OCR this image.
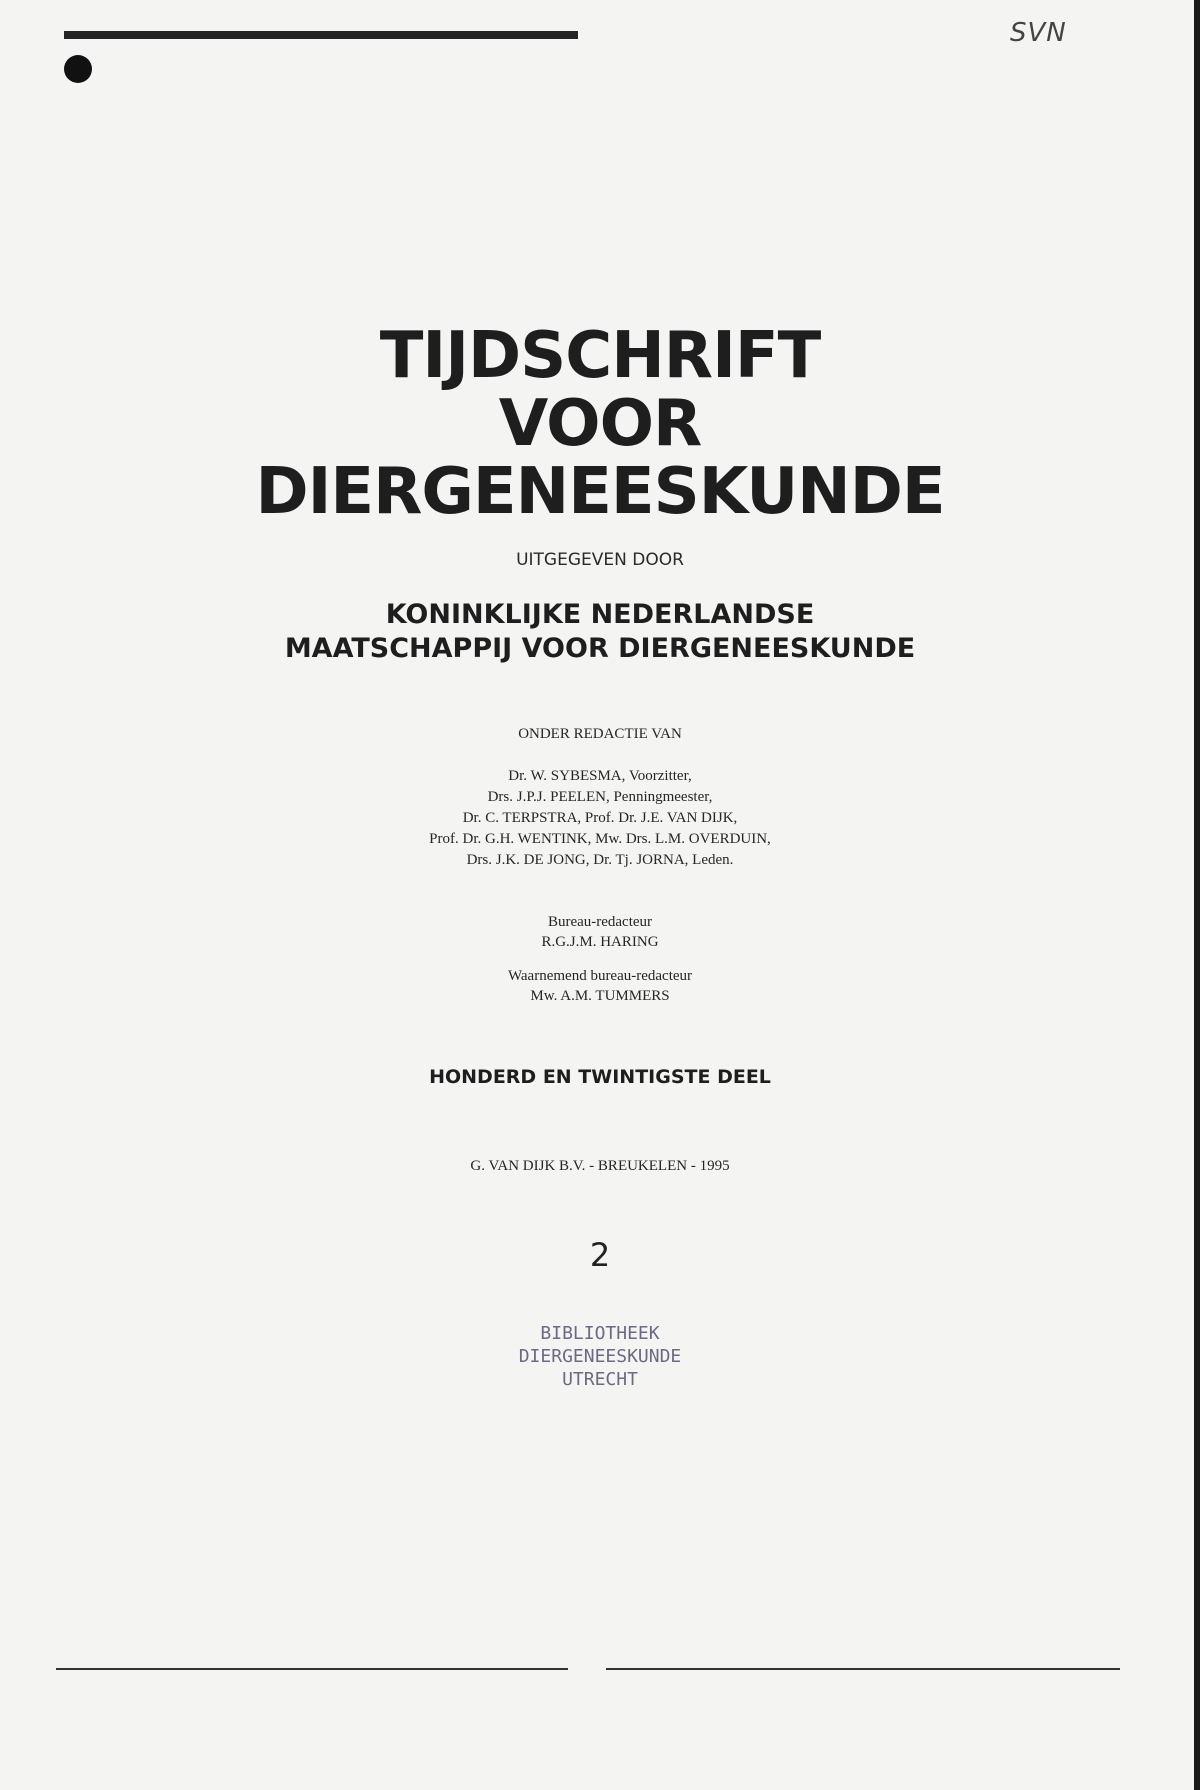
SVN
TIJDSCHRIFT
VOOR
DIERGENEESKUNDE
UITGEGEVEN DOOR
KONINKLIJKE NEDERLANDSE
MAATSCHAPPIJ VOOR DIERGENEESKUNDE
ONDER REDACTIE VAN
Dr. W. SYBESMA, Voorzitter,
Drs. J.P.J. PEELEN, Penningmeester,
Dr. C. TERPSTRA, Prof. Dr. J.E. VAN DIJK,
Prof. Dr. G.H. WENTINK, Mw. Drs. L.M. OVERDUIN,
Drs. J.K. DE JONG, Dr. Tj. JORNA, Leden.
Bureau-redacteur
R.G.J.M. HARING
Waarnemend bureau-redacteur
Mw. A.M. TUMMERS
HONDERD EN TWINTIGSTE DEEL
G. VAN DIJK B.V. - BREUKELEN - 1995
2
BIBLIOTHEEK
DIERGENEESKUNDE
UTRECHT
